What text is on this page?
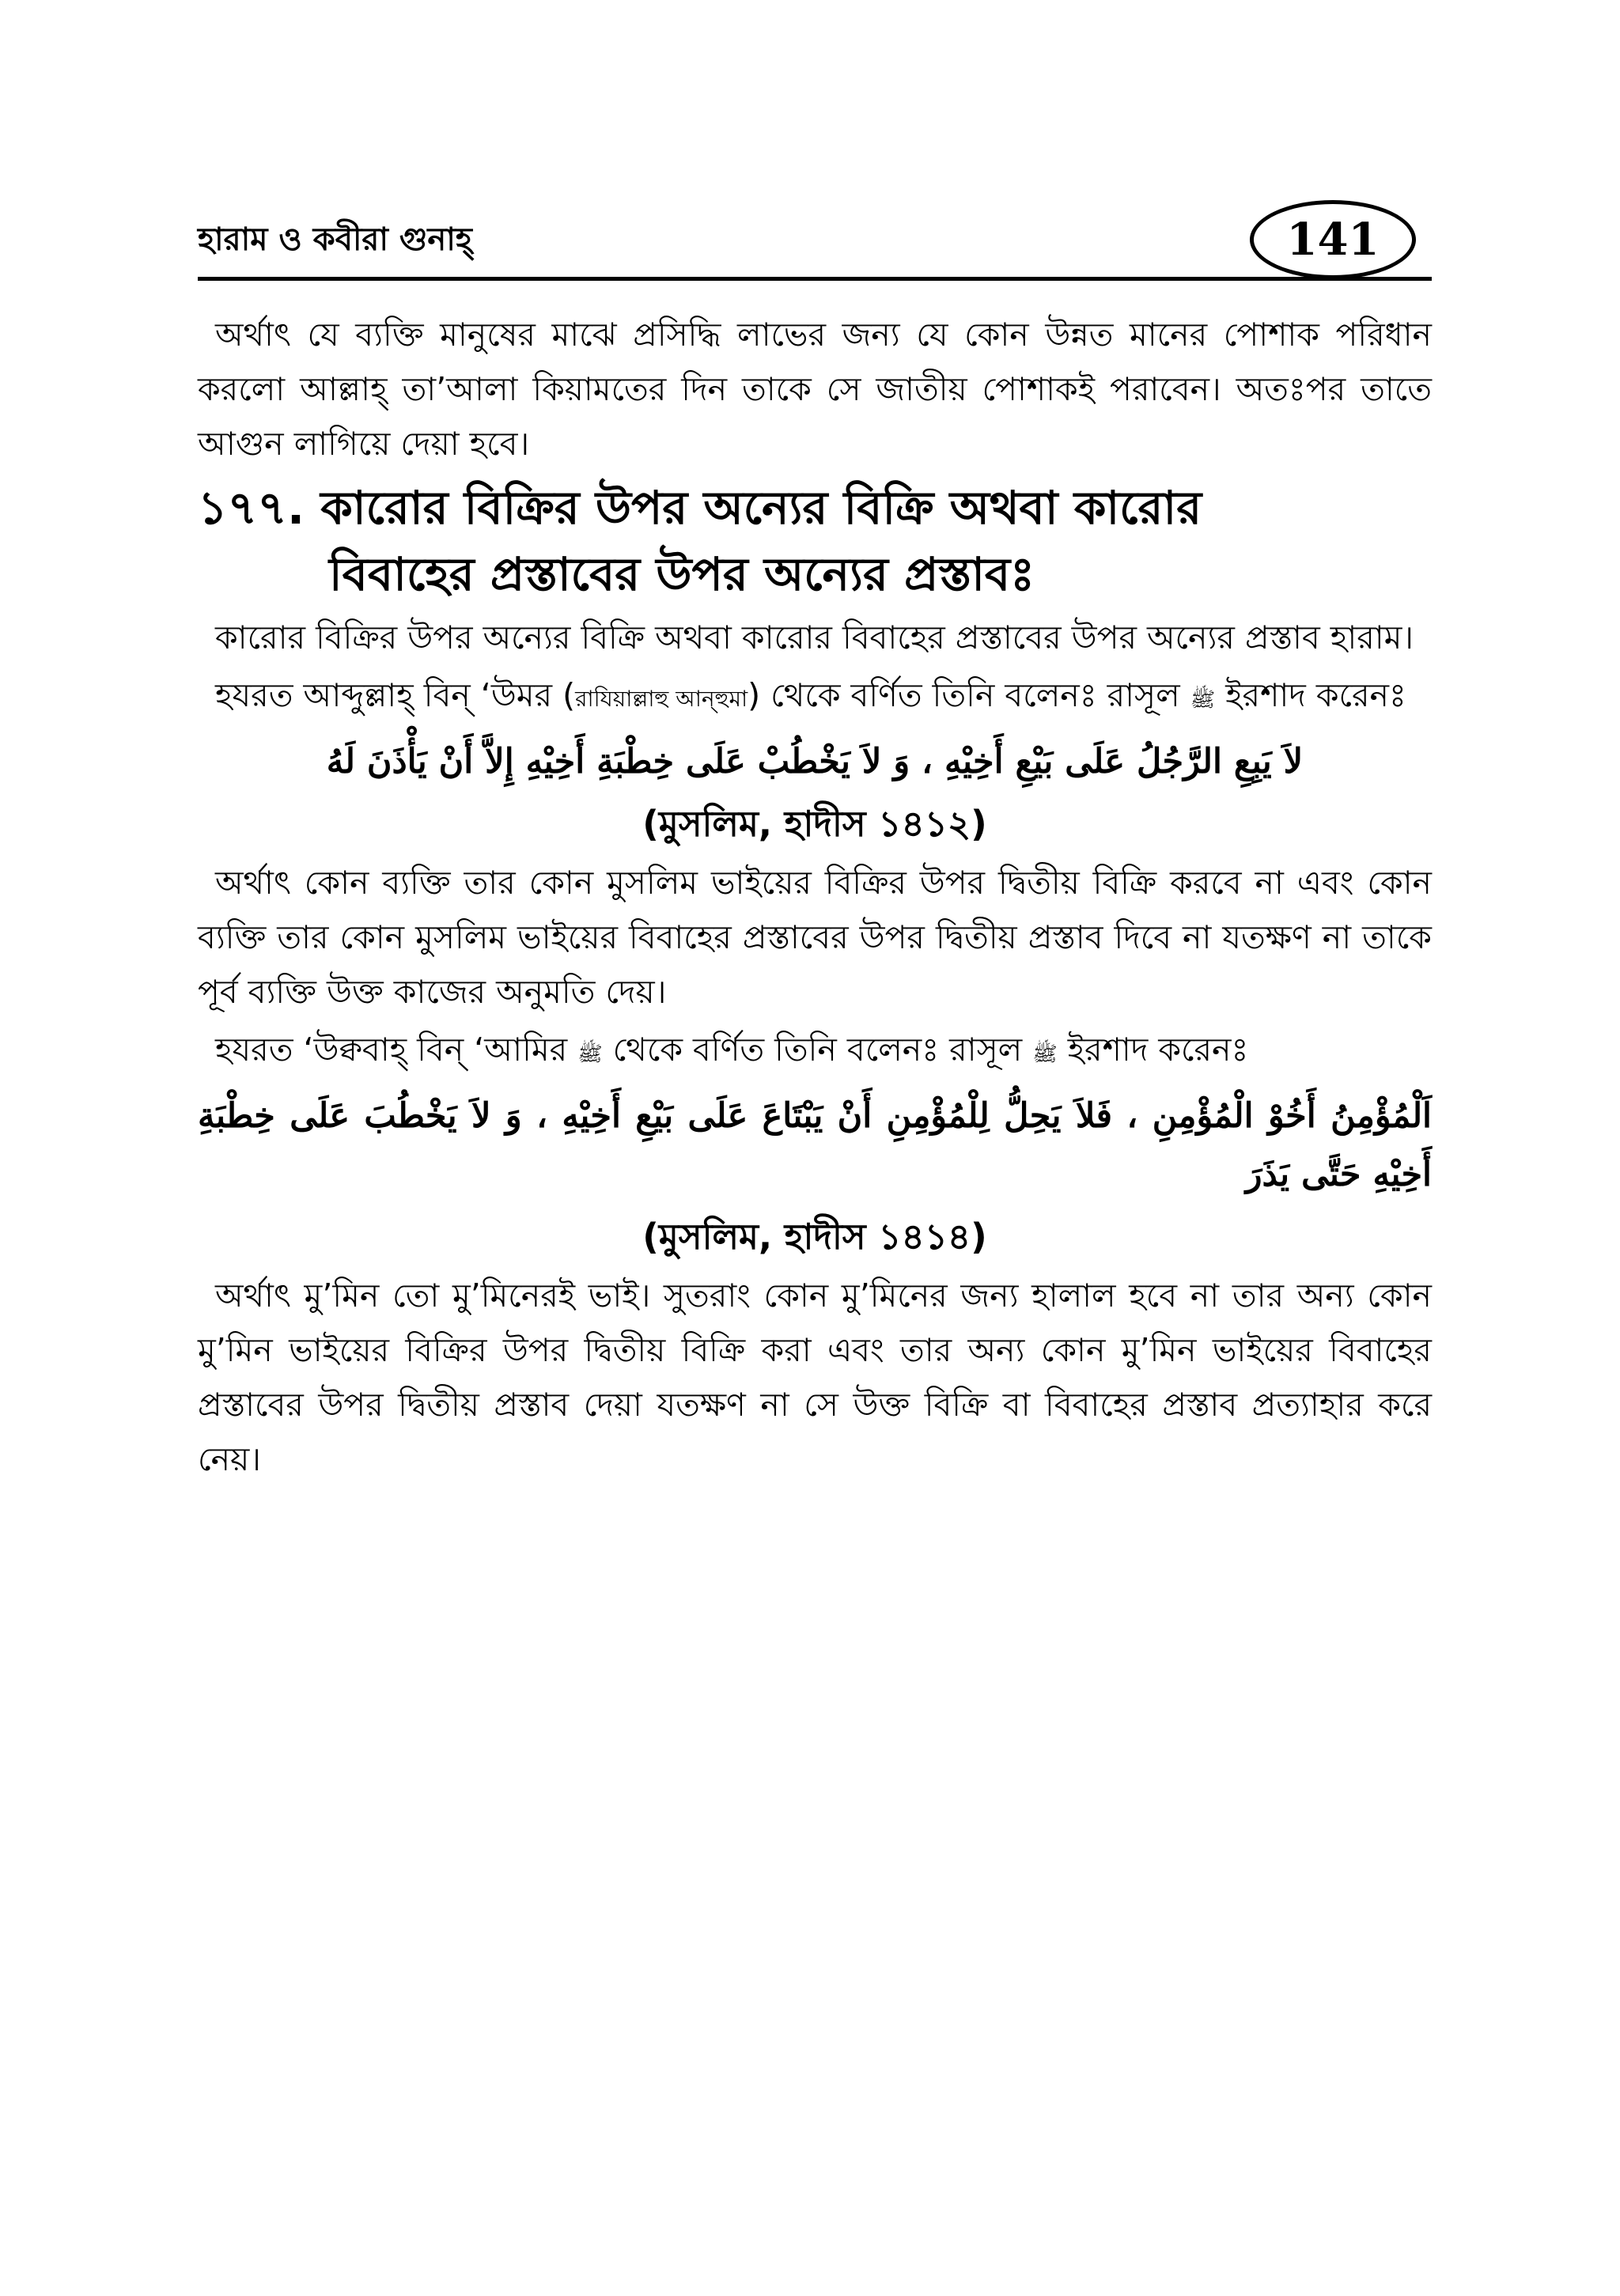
হারাম ও কবীরা গুনাহ্	141

অর্থাৎ যে ব্যক্তি মানুষের মাঝে প্রসিদ্ধি লাভের জন্য যে কোন উন্নত মানের পোশাক পরিধান করলো আল্লাহ্ তা’আলা কিয়ামতের দিন তাকে সে জাতীয় পোশাকই পরাবেন। অতঃপর তাতে আগুন লাগিয়ে দেয়া হবে।

১৭৭. কারোর বিক্রির উপর অন্যের বিক্রি অথবা কারোর
বিবাহের প্রস্তাবের উপর অন্যের প্রস্তাবঃ

কারোর বিক্রির উপর অন্যের বিক্রি অথবা কারোর বিবাহের প্রস্তাবের উপর অন্যের প্রস্তাব হারাম।

হযরত আব্দুল্লাহ্ বিন্ ‘উমর (রাযিয়াল্লাহু আন্হুমা) থেকে বর্ণিত তিনি বলেনঃ রাসূল ﷺ ইরশাদ করেনঃ

لاَ يَبِعِ الرَّجُلُ عَلَى بَيْعِ أَخِيْهِ ، وَ لاَ يَخْطُبْ عَلَى خِطْبَةِ أَخِيْهِ إِلاَّ أَنْ يَأْذَنَ لَهُ

(মুসলিম, হাদীস ১৪১২)

অর্থাৎ কোন ব্যক্তি তার কোন মুসলিম ভাইয়ের বিক্রির উপর দ্বিতীয় বিক্রি করবে না এবং কোন ব্যক্তি তার কোন মুসলিম ভাইয়ের বিবাহের প্রস্তাবের উপর দ্বিতীয় প্রস্তাব দিবে না যতক্ষণ না তাকে পূর্ব ব্যক্তি উক্ত কাজের অনুমতি দেয়।

হযরত ‘উক্ববাহ্ বিন্ ‘আমির ﷺ থেকে বর্ণিত তিনি বলেনঃ রাসূল ﷺ ইরশাদ করেনঃ

اَلْمُؤْمِنُ أَخُوْ الْمُؤْمِنِ ، فَلاَ يَحِلُّ لِلْمُؤْمِنِ أَنْ يَبْتَاعَ عَلَى بَيْعِ أَخِيْهِ ، وَ لاَ يَخْطُبَ عَلَى خِطْبَةِ أَخِيْهِ حَتَّى يَذَرَ

(মুসলিম, হাদীস ১৪১৪)

অর্থাৎ মু’মিন তো মু’মিনেরই ভাই। সুতরাং কোন মু’মিনের জন্য হালাল হবে না তার অন্য কোন মু’মিন ভাইয়ের বিক্রির উপর দ্বিতীয় বিক্রি করা এবং তার অন্য কোন মু’মিন ভাইয়ের বিবাহের প্রস্তাবের উপর দ্বিতীয় প্রস্তাব দেয়া যতক্ষণ না সে উক্ত বিক্রি বা বিবাহের প্রস্তাব প্রত্যাহার করে নেয়।
